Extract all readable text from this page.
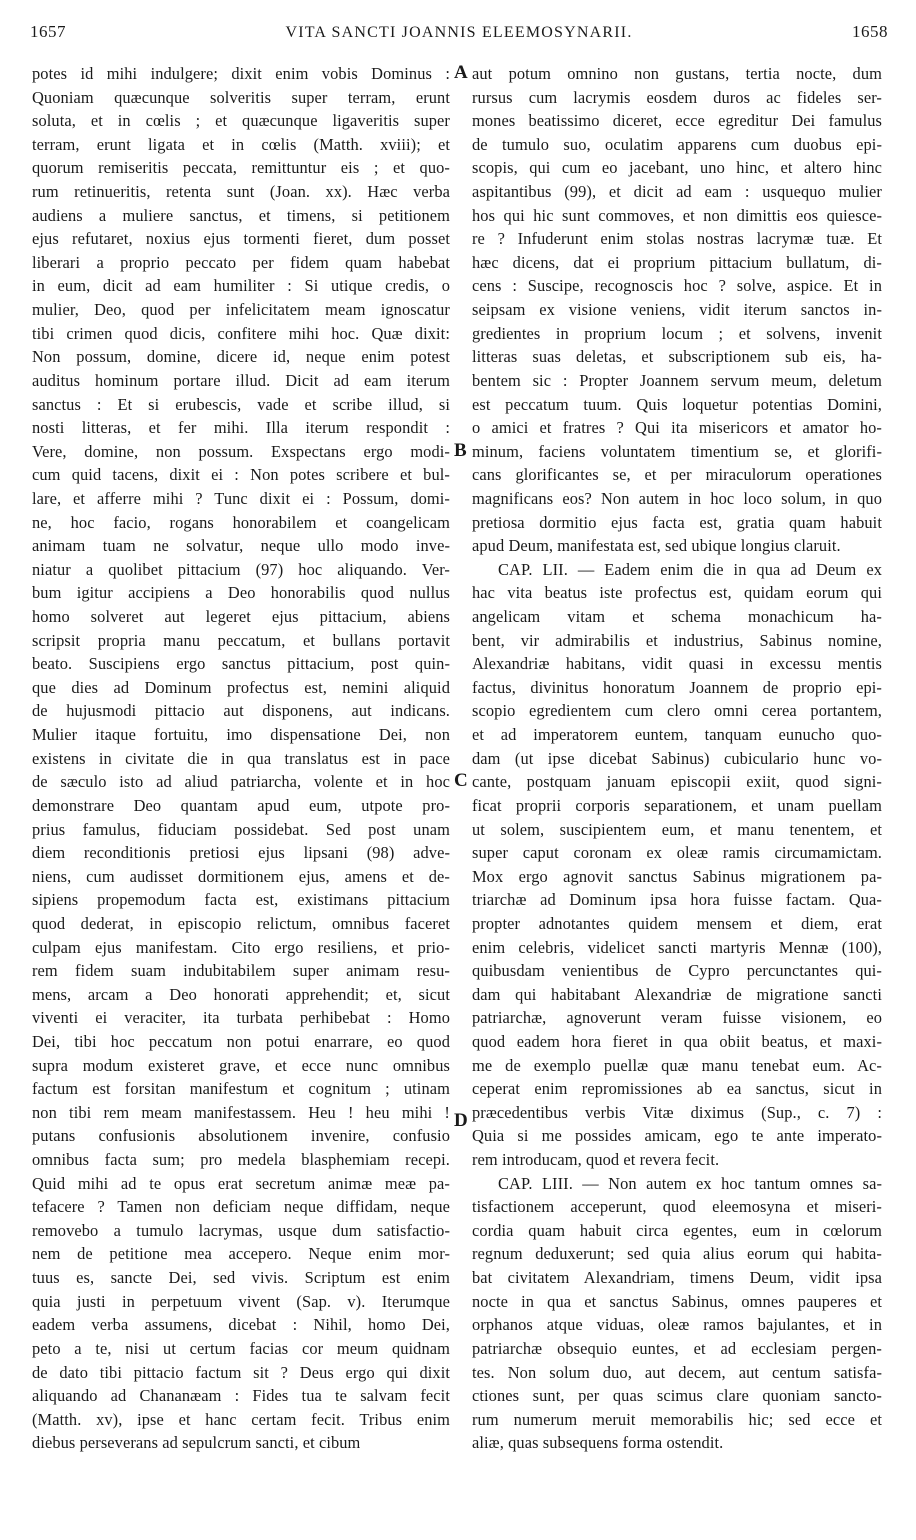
1657	VITA SANCTI JOANNIS ELEEMOSYNARII.	1658
potes id mihi indulgere; dixit enim vobis Dominus :
Quoniam quæcunque solveritis super terram, erunt
soluta, et in cœlis ; et quæcunque ligaveritis super
terram, erunt ligata et in cœlis (Matth. xviii); et
quorum remiseritis peccata, remittuntur eis ; et quo-
rum retinueritis, retenta sunt (Joan. xx). Hæc verba
audiens a muliere sanctus, et timens, si petitionem
ejus refutaret, noxius ejus tormenti fieret, dum posset
liberari a proprio peccato per fidem quam habebat
in eum, dicit ad eam humiliter : Si utique credis, o
mulier, Deo, quod per infelicitatem meam ignoscatur
tibi crimen quod dicis, confitere mihi hoc. Quæ dixit:
Non possum, domine, dicere id, neque enim potest
auditus hominum portare illud. Dicit ad eam iterum
sanctus : Et si erubescis, vade et scribe illud, si
nosti litteras, et fer mihi. Illa iterum respondit :
Vere, domine, non possum. Exspectans ergo modi-
cum quid tacens, dixit ei : Non potes scribere et bul-
lare, et afferre mihi ? Tunc dixit ei : Possum, domi-
ne, hoc facio, rogans honorabilem et coangelicam
animam tuam ne solvatur, neque ullo modo inve-
niatur a quolibet pittacium (97) hoc aliquando. Ver-
bum igitur accipiens a Deo honorabilis quod nullus
homo solveret aut legeret ejus pittacium, abiens
scripsit propria manu peccatum, et bullans portavit
beato. Suscipiens ergo sanctus pittacium, post quin-
que dies ad Dominum profectus est, nemini aliquid
de hujusmodi pittacio aut disponens, aut indicans.
Mulier itaque fortuitu, imo dispensatione Dei, non
existens in civitate die in qua translatus est in pace
de sæculo isto ad aliud patriarcha, volente et in hoc
demonstrare Deo quantam apud eum, utpote pro-
prius famulus, fiduciam possidebat. Sed post unam
diem reconditionis pretiosi ejus lipsani (98) adve-
niens, cum audisset dormitionem ejus, amens et de-
sipiens propemodum facta est, existimans pittacium
quod dederat, in episcopio relictum, omnibus faceret
culpam ejus manifestam. Cito ergo resiliens, et prio-
rem fidem suam indubitabilem super animam resu-
mens, arcam a Deo honorati apprehendit; et, sicut
viventi ei veraciter, ita turbata perhibebat : Homo
Dei, tibi hoc peccatum non potui enarrare, eo quod
supra modum existeret grave, et ecce nunc omnibus
factum est forsitan manifestum et cognitum ; utinam
non tibi rem meam manifestassem. Heu ! heu mihi !
putans confusionis absolutionem invenire, confusio
omnibus facta sum; pro medela blasphemiam recepi.
Quid mihi ad te opus erat secretum animæ meæ pa-
tefacere ? Tamen non deficiam neque diffidam, neque
removebo a tumulo lacrymas, usque dum satisfactio-
nem de petitione mea accepero. Neque enim mor-
tuus es, sancte Dei, sed vivis. Scriptum est enim
quia justi in perpetuum vivent (Sap. v). Iterumque
eadem verba assumens, dicebat : Nihil, homo Dei,
peto a te, nisi ut certum facias cor meum quidnam
de dato tibi pittacio factum sit ? Deus ergo qui dixit
aliquando ad Chananæam : Fides tua te salvam fecit
(Matth. xv), ipse et hanc certam fecit. Tribus enim
diebus perseverans ad sepulcrum sancti, et cibum
aut potum omnino non gustans, tertia nocte, dum
rursus cum lacrymis eosdem duros ac fideles ser-
mones beatissimo diceret, ecce egreditur Dei famulus
de tumulo suo, oculatim apparens cum duobus epi-
scopis, qui cum eo jacebant, uno hinc, et altero hinc
aspitantibus (99), et dicit ad eam : usquequo mulier
hos qui hic sunt commoves, et non dimittis eos quiesce-
re ? Infuderunt enim stolas nostras lacrymæ tuæ. Et
hæc dicens, dat ei proprium pittacium bullatum, di-
cens : Suscipe, recognoscis hoc ? solve, aspice. Et in
seipsam ex visione veniens, vidit iterum sanctos in-
gredientes in proprium locum ; et solvens, invenit
litteras suas deletas, et subscriptionem sub eis, ha-
bentem sic : Propter Joannem servum meum, deletum
est peccatum tuum. Quis loquetur potentias Domini,
o amici et fratres ? Qui ita misericors et amator ho-
minum, faciens voluntatem timentium se, et glorifi-
cans glorificantes se, et per miraculorum operationes
magnificans eos? Non autem in hoc loco solum, in quo
pretiosa dormitio ejus facta est, gratia quam habuit
apud Deum, manifestata est, sed ubique longius claruit.
CAP. LII. — Eadem enim die in qua ad Deum ex
hac vita beatus iste profectus est, quidam eorum qui
angelicam vitam et schema monachicum ha-
bent, vir admirabilis et industrius, Sabinus nomine,
Alexandriæ habitans, vidit quasi in excessu mentis
factus, divinitus honoratum Joannem de proprio epi-
scopio egredientem cum clero omni cerea portantem,
et ad imperatorem euntem, tanquam eunucho quo-
dam (ut ipse dicebat Sabinus) cubiculario hunc vo-
cante, postquam januam episcopii exiit, quod signi-
ficat proprii corporis separationem, et unam puellam
ut solem, suscipientem eum, et manu tenentem, et
super caput coronam ex oleæ ramis circumamictam.
Mox ergo agnovit sanctus Sabinus migrationem pa-
triarchæ ad Dominum ipsa hora fuisse factam. Qua-
propter adnotantes quidem mensem et diem, erat
enim celebris, videlicet sancti martyris Mennæ (100),
quibusdam venientibus de Cypro percunctantes qui-
dam qui habitabant Alexandriæ de migratione sancti
patriarchæ, agnoverunt veram fuisse visionem, eo
quod eadem hora fieret in qua obiit beatus, et maxi-
me de exemplo puellæ quæ manu tenebat eum. Ac-
ceperat enim repromissiones ab ea sanctus, sicut in
præcedentibus verbis Vitæ diximus (Sup., c. 7) :
Quia si me possides amicam, ego te ante imperato-
rem introducam, quod et revera fecit.
CAP. LIII. — Non autem ex hoc tantum omnes sa-
tisfactionem acceperunt, quod eleemosyna et miseri-
cordia quam habuit circa egentes, eum in cœlorum
regnum deduxerunt; sed quia alius eorum qui habita-
bat civitatem Alexandriam, timens Deum, vidit ipsa
nocte in qua et sanctus Sabinus, omnes pauperes et
orphanos atque viduas, oleæ ramos bajulantes, et in
patriarchæ obsequio euntes, et ad ecclesiam pergen-
tes. Non solum duo, aut decem, aut centum satisfa-
ctiones sunt, per quas scimus clare quoniam sancto-
rum numerum meruit memorabilis hic; sed ecce et
aliæ, quas subsequens forma ostendit.
A
B
C
D
